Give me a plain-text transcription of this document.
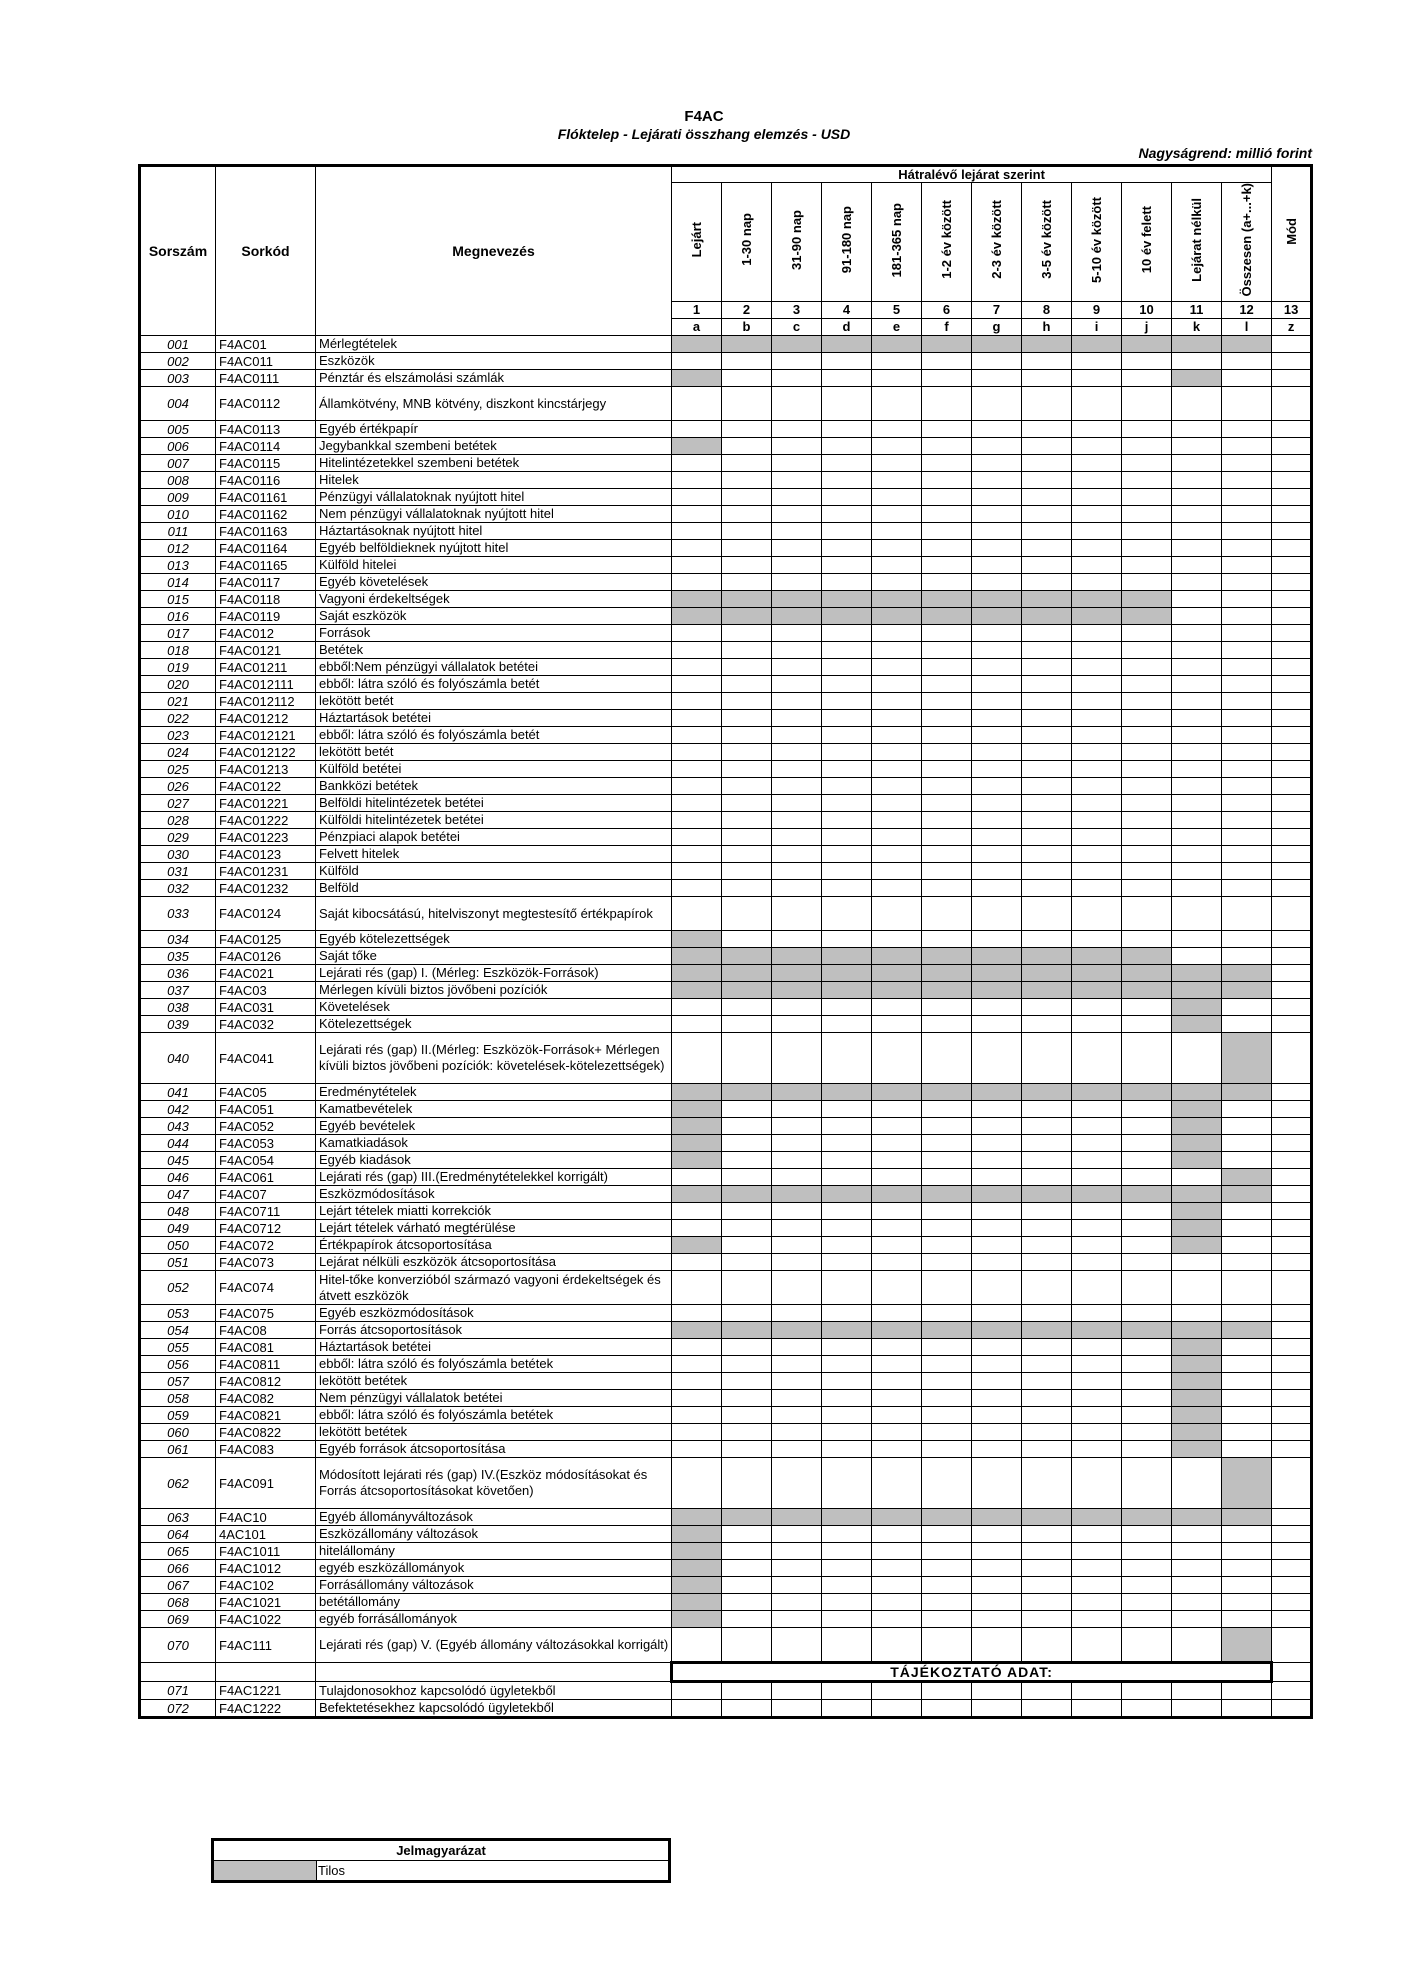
F4AC
Flóktelep - Lejárati összhang elemzés - USD
Nagyságrend: millió forint
Sorszám	Sorkód	Megnevezés	Hátralévő lejárat szerint												Mód
			Lejárt	1-30 nap	31-90 nap	91-180 nap	181-365 nap	1-2 év között	2-3 év között	3-5 év között	5-10 év között	10 év felett	Lejárat nélkül	Összesen (a+...+k)	
			1	2	3	4	5	6	7	8	9	10	11	12	13
			a	b	c	d	e	f	g	h	i	j	k	l	z
001	F4AC01	Mérlegtételek													
002	F4AC011	Eszközök													
003	F4AC0111	Pénztár és elszámolási számlák													
004	F4AC0112	Államkötvény, MNB kötvény, diszkont kincstárjegy													
005	F4AC0113	Egyéb értékpapír													
006	F4AC0114	Jegybankkal szembeni betétek													
007	F4AC0115	Hitelintézetekkel szembeni betétek													
008	F4AC0116	Hitelek													
009	F4AC01161	Pénzügyi vállalatoknak nyújtott hitel													
010	F4AC01162	Nem pénzügyi vállalatoknak nyújtott hitel													
011	F4AC01163	Háztartásoknak nyújtott hitel													
012	F4AC01164	Egyéb belföldieknek nyújtott hitel													
013	F4AC01165	Külföld hitelei													
014	F4AC0117	Egyéb követelések													
015	F4AC0118	Vagyoni érdekeltségek													
016	F4AC0119	Saját eszközök													
017	F4AC012	Források													
018	F4AC0121	Betétek													
019	F4AC01211	ebből:Nem pénzügyi vállalatok betétei													
020	F4AC012111	ebből: látra szóló és folyószámla betét													
021	F4AC012112	lekötött betét													
022	F4AC01212	Háztartások betétei													
023	F4AC012121	ebből: látra szóló és folyószámla betét													
024	F4AC012122	lekötött betét													
025	F4AC01213	Külföld betétei													
026	F4AC0122	Bankközi betétek													
027	F4AC01221	Belföldi hitelintézetek betétei													
028	F4AC01222	Külföldi hitelintézetek betétei													
029	F4AC01223	Pénzpiaci alapok betétei													
030	F4AC0123	Felvett hitelek													
031	F4AC01231	Külföld													
032	F4AC01232	Belföld													
033	F4AC0124	Saját kibocsátású, hitelviszonyt megtestesítő értékpapírok													
034	F4AC0125	Egyéb kötelezettségek													
035	F4AC0126	Saját tőke													
036	F4AC021	Lejárati rés (gap) I. (Mérleg: Eszközök-Források)													
037	F4AC03	Mérlegen kívüli biztos jövőbeni pozíciók													
038	F4AC031	Követelések													
039	F4AC032	Kötelezettségek													
040	F4AC041	Lejárati rés (gap) II.(Mérleg: Eszközök-Források+ Mérlegen kívüli biztos jövőbeni pozíciók: követelések-kötelezettségek)													
041	F4AC05	Eredménytételek													
042	F4AC051	Kamatbevételek													
043	F4AC052	Egyéb bevételek													
044	F4AC053	Kamatkiadások													
045	F4AC054	Egyéb kiadások													
046	F4AC061	Lejárati rés (gap) III.(Eredménytételekkel korrigált)													
047	F4AC07	Eszközmódosítások													
048	F4AC0711	Lejárt tételek miatti korrekciók													
049	F4AC0712	Lejárt tételek várható megtérülése													
050	F4AC072	Értékpapírok átcsoportosítása													
051	F4AC073	Lejárat nélküli eszközök átcsoportosítása													
052	F4AC074	Hitel-tőke konverzióból származó vagyoni érdekeltségek és átvett eszközök													
053	F4AC075	Egyéb eszközmódosítások													
054	F4AC08	Forrás átcsoportosítások													
055	F4AC081	Háztartások betétei													
056	F4AC0811	ebből: látra szóló és folyószámla betétek													
057	F4AC0812	lekötött betétek													
058	F4AC082	Nem pénzügyi vállalatok betétei													
059	F4AC0821	ebből: látra szóló és folyószámla betétek													
060	F4AC0822	lekötött betétek													
061	F4AC083	Egyéb források átcsoportosítása													
062	F4AC091	Módosított lejárati rés (gap) IV.(Eszköz módosításokat és Forrás átcsoportosításokat követően)													
063	F4AC10	Egyéb állományváltozások													
064	4AC101	Eszközállomány változások													
065	F4AC1011	hitelállomány													
066	F4AC1012	egyéb eszközállományok													
067	F4AC102	Forrásállomány változások													
068	F4AC1021	betétállomány													
069	F4AC1022	egyéb forrásállományok													
070	F4AC111	Lejárati rés (gap) V. (Egyéb állomány változásokkal korrigált)													
			TÁJÉKOZTATÓ ADAT:												
071	F4AC1221	Tulajdonosokhoz kapcsolódó ügyletekből													
072	F4AC1222	Befektetésekhez kapcsolódó ügyletekből													
Jelmagyarázat
	Tilos
